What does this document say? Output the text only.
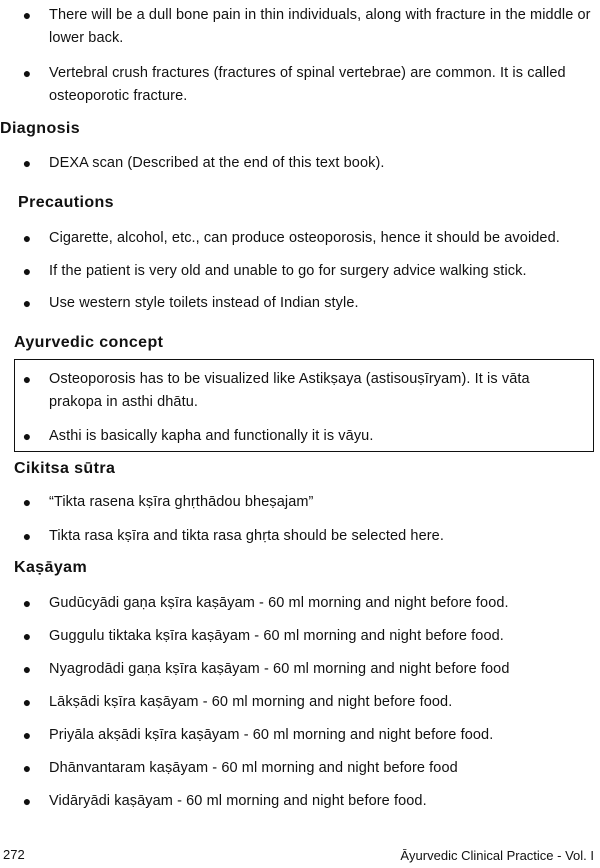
● There will be a dull bone pain in thin individuals, along with fracture in the middle or lower back.
● Vertebral crush fractures (fractures of spinal vertebrae) are common. It is called osteoporotic fracture.
Diagnosis
● DEXA scan (Described at the end of this text book).
Precautions
● Cigarette, alcohol, etc., can produce osteoporosis, hence it should be avoided.
● If the patient is very old and unable to go for surgery advice walking stick.
● Use western style toilets instead of Indian style.
Ayurvedic concept
● Osteoporosis has to be visualized like Astikṣaya (astisouṣīryam). It is vāta prakopa in asthi dhātu.
● Asthi is basically kapha and functionally it is vāyu.
Cikitsa sūtra
● “Tikta rasena kṣīra ghṛthādou bheṣajam”
● Tikta rasa kṣīra and tikta rasa ghṛta should be selected here.
Kaṣāyam
● Gudūcyādi gaṇa kṣīra kaṣāyam - 60 ml morning and night before food.
● Guggulu tiktaka kṣīra kaṣāyam - 60 ml morning and night before food.
● Nyagrodādi gaṇa kṣīra kaṣāyam - 60 ml morning and night before food
● Lākṣādi kṣīra kaṣāyam - 60 ml morning and night before food.
● Priyāla akṣādi kṣīra kaṣāyam - 60 ml morning and night before food.
● Dhānvantaram kaṣāyam - 60 ml morning and night before food
● Vidāryādi kaṣāyam - 60 ml morning and night before food.
272	Āyurvedic Clinical Practice - Vol. I
